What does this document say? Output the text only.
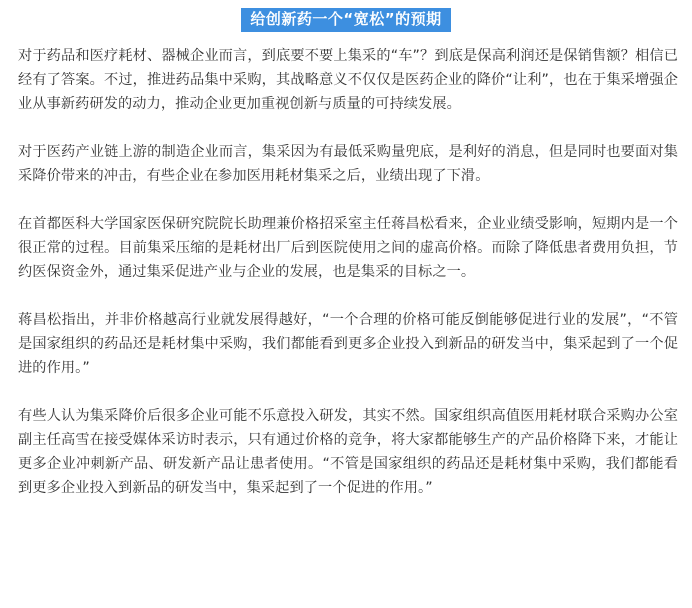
给创新药一个“宽松”的预期

对于药品和医疗耗材、器械企业而言，到底要不要上集采的“车”？到底是保高利润还是保销售额？相信已经有了答案。不过，推进药品集中采购，其战略意义不仅仅是医药企业的降价“让利”，也在于集采增强企业从事新药研发的动力，推动企业更加重视创新与质量的可持续发展。

对于医药产业链上游的制造企业而言，集采因为有最低采购量兜底，是利好的消息，但是同时也要面对集采降价带来的冲击，有些企业在参加医用耗材集采之后，业绩出现了下滑。

在首都医科大学国家医保研究院院长助理兼价格招采室主任蒋昌松看来，企业业绩受影响，短期内是一个很正常的过程。目前集采压缩的是耗材出厂后到医院使用之间的虚高价格。而除了降低患者费用负担，节约医保资金外，通过集采促进产业与企业的发展，也是集采的目标之一。

蒋昌松指出，并非价格越高行业就发展得越好，“一个合理的价格可能反倒能够促进行业的发展”，“不管是国家组织的药品还是耗材集中采购，我们都能看到更多企业投入到新品的研发当中，集采起到了一个促进的作用。”

有些人认为集采降价后很多企业可能不乐意投入研发，其实不然。国家组织高值医用耗材联合采购办公室副主任高雪在接受媒体采访时表示，只有通过价格的竞争，将大家都能够生产的产品价格降下来，才能让更多企业冲刺新产品、研发新产品让患者使用。“不管是国家组织的药品还是耗材集中采购，我们都能看到更多企业投入到新品的研发当中，集采起到了一个促进的作用。”
